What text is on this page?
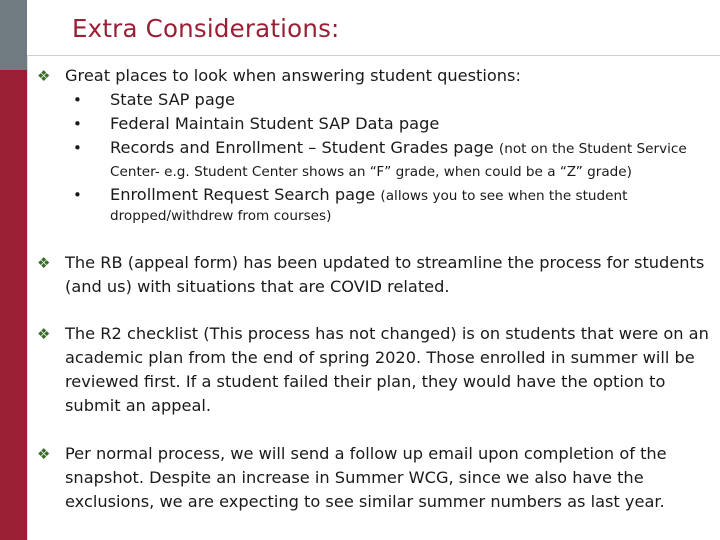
Extra Considerations:
❖ Great places to look when answering student questions:
• State SAP page
• Federal Maintain Student SAP Data page
• Records and Enrollment – Student Grades page (not on the Student Service
Center- e.g. Student Center shows an “F” grade, when could be a “Z” grade)
• Enrollment Request Search page (allows you to see when the student
dropped/withdrew from courses)
❖ The RB (appeal form) has been updated to streamline the process for students
(and us) with situations that are COVID related.
❖ The R2 checklist (This process has not changed) is on students that were on an
academic plan from the end of spring 2020. Those enrolled in summer will be
reviewed first. If a student failed their plan, they would have the option to
submit an appeal.
❖ Per normal process, we will send a follow up email upon completion of the
snapshot. Despite an increase in Summer WCG, since we also have the
exclusions, we are expecting to see similar summer numbers as last year.
